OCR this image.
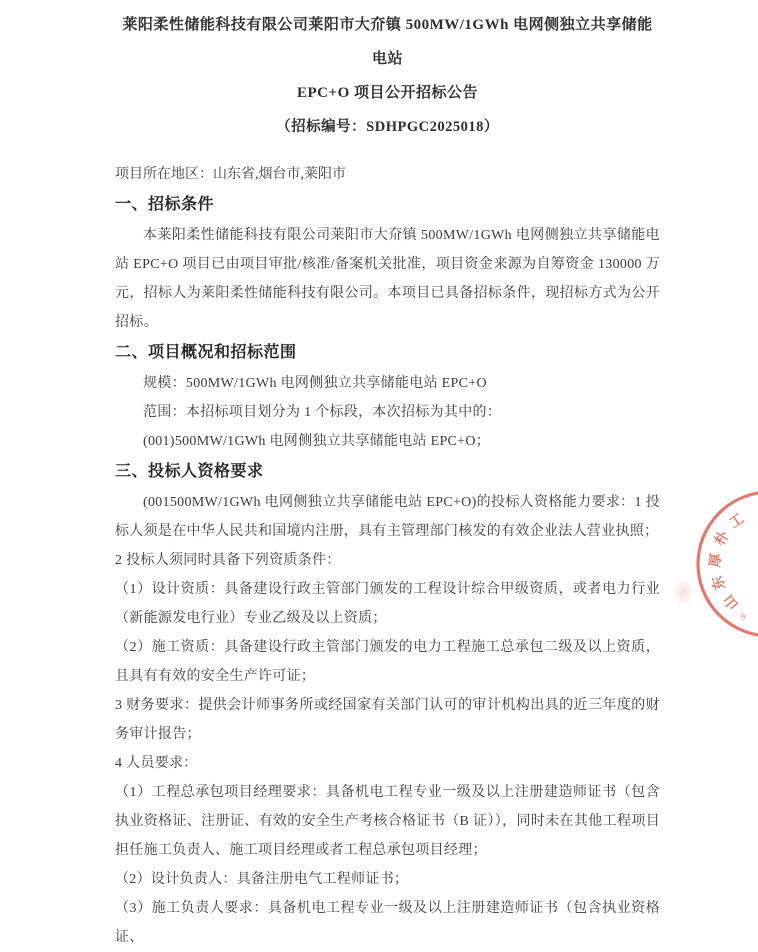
莱阳柔性储能科技有限公司莱阳市大夼镇 500MW/1GWh 电网侧独立共享储能电站
EPC+O 项目公开招标公告
（招标编号：SDHPGC2025018）
项目所在地区：山东省,烟台市,莱阳市
一、招标条件

本莱阳柔性储能科技有限公司莱阳市大夼镇 500MW/1GWh 电网侧独立共享储能电站 EPC+O 项目已由项目审批/核准/备案机关批准，项目资金来源为自筹资金 130000 万元，招标人为莱阳柔性储能科技有限公司。本项目已具备招标条件，现招标方式为公开招标。

二、项目概况和招标范围

规模：500MW/1GWh 电网侧独立共享储能电站 EPC+O

范围：本招标项目划分为 1 个标段，本次招标为其中的：

(001)500MW/1GWh 电网侧独立共享储能电站 EPC+O；

三、投标人资格要求

(001500MW/1GWh 电网侧独立共享储能电站 EPC+O)的投标人资格能力要求：1 投标人须是在中华人民共和国境内注册，具有主管理部门核发的有效企业法人营业执照；

2 投标人须同时具备下列资质条件：

（1）设计资质：具备建设行政主管部门颁发的工程设计综合甲级资质，或者电力行业（新能源发电行业）专业乙级及以上资质；

（2）施工资质：具备建设行政主管部门颁发的电力工程施工总承包二级及以上资质，且具有有效的安全生产许可证；

3 财务要求：提供会计师事务所或经国家有关部门认可的审计机构出具的近三年度的财务审计报告；

4 人员要求：

（1）工程总承包项目经理要求：具备机电工程专业一级及以上注册建造师证书（包含执业资格证、注册证、有效的安全生产考核合格证书（B 证）），同时未在其他工程项目担任施工负责人、施工项目经理或者工程总承包项目经理；

（2）设计负责人：具备注册电气工程师证书；

（3）施工负责人要求：具备机电工程专业一级及以上注册建造师证书（包含执业资格证、

山东厚朴工
9
